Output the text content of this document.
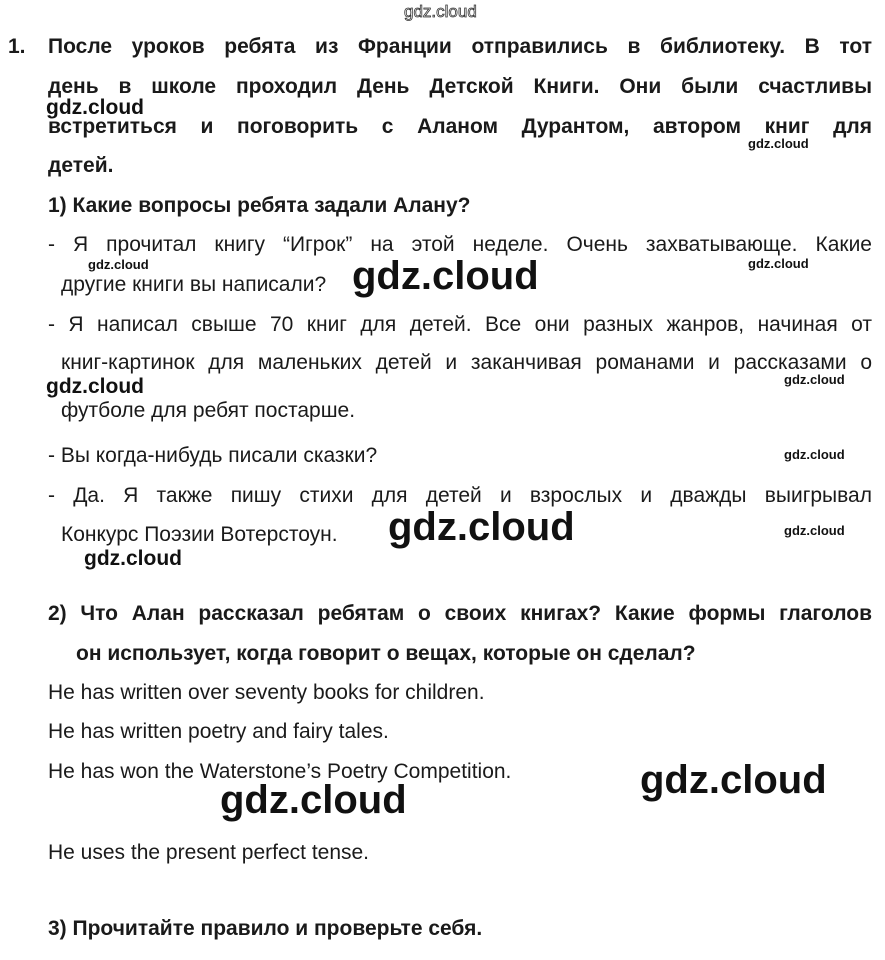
gdz.cloud
gdz.cloud
gdz.cloud
gdz.cloud	gdz.cloud
gdz.cloud
gdz.cloud	gdz.cloud
gdz.cloud
gdz.cloud	gdz.cloud
gdz.cloud
gdz.cloud
gdz.cloud
1. После уроков ребята из Франции отправились в библиотеку. В тот
день в школе проходил День Детской Книги. Они были счастливы
встретиться и поговорить с Аланом Дурантом, автором книг для
детей.
1) Какие вопросы ребята задали Алану?
- Я прочитал книгу “Игрок” на этой неделе. Очень захватывающе. Какие
другие книги вы написали?
- Я написал свыше 70 книг для детей. Все они разных жанров, начиная от
книг-картинок для маленьких детей и заканчивая романами и рассказами о
футболе для ребят постарше.
- Вы когда-нибудь писали сказки?
- Да. Я также пишу стихи для детей и взрослых и дважды выигрывал
Конкурс Поэзии Вотерстоун.
2) Что Алан рассказал ребятам о своих книгах? Какие формы глаголов
он использует, когда говорит о вещах, которые он сделал?
He has written over seventy books for children.
He has written poetry and fairy tales.
He has won the Waterstone’s Poetry Competition.
He uses the present perfect tense.
3) Прочитайте правило и проверьте себя.
